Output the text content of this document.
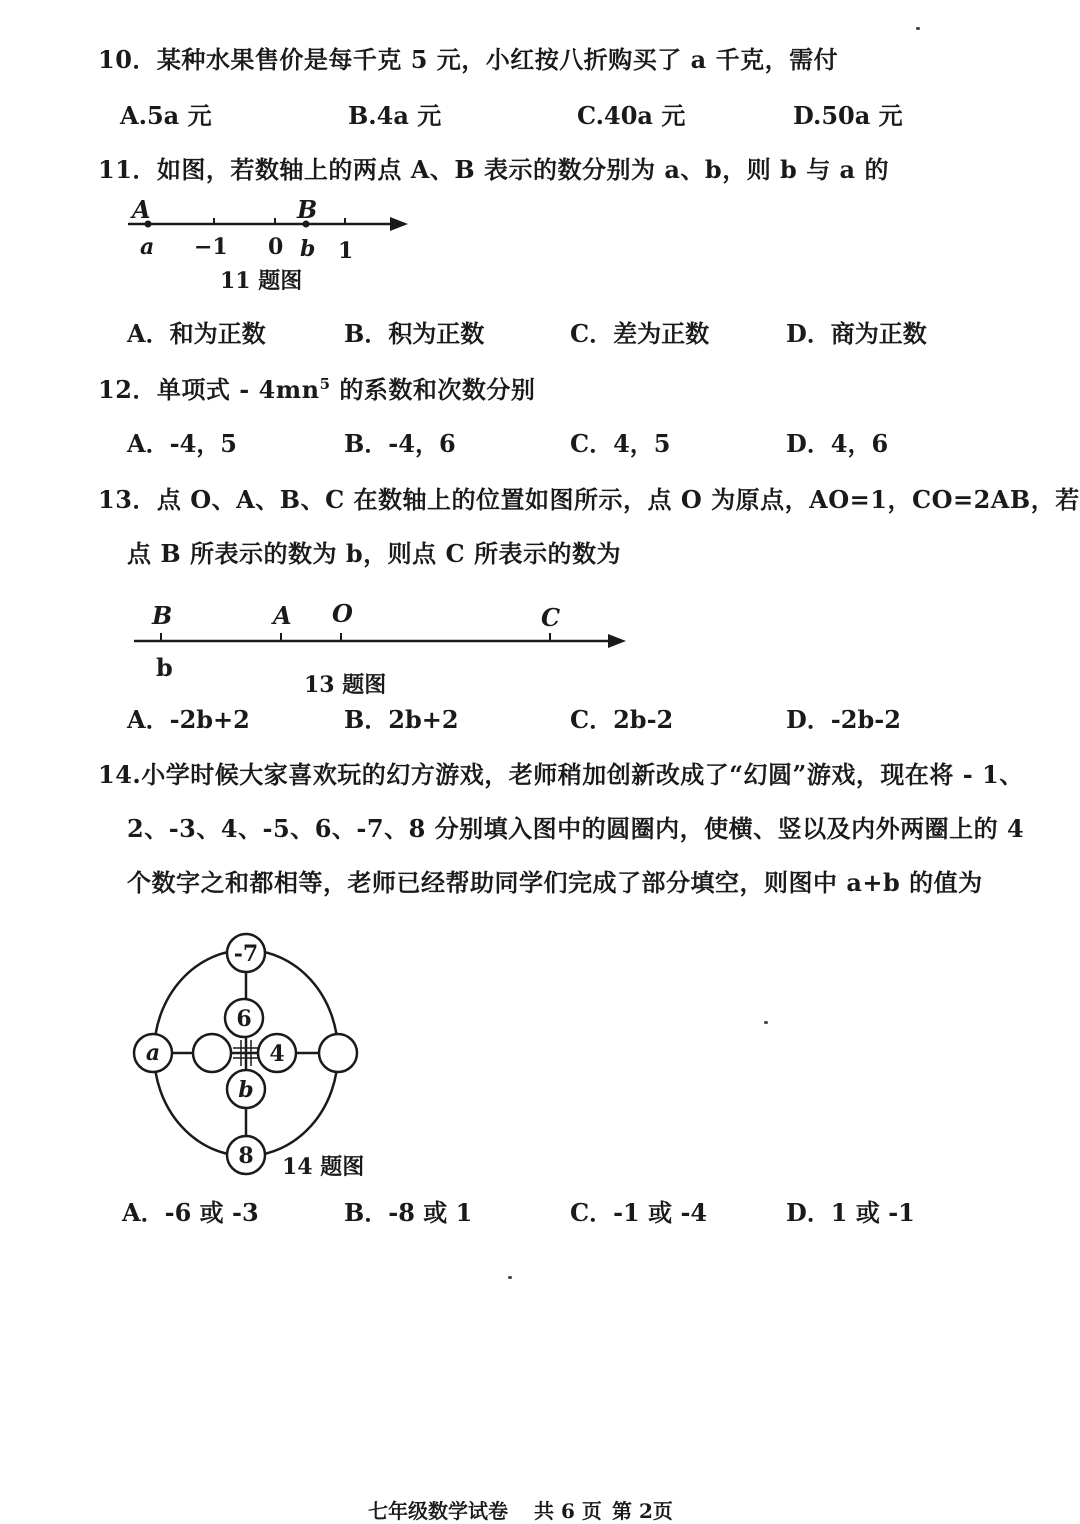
10．某种水果售价是每千克 5 元，小红按八折购买了 a 千克，需付
A.5a 元	B.4a 元	C.40a 元	D.50a 元
11．如图，若数轴上的两点 A、B 表示的数分别为 a、b，则 b 与 a 的
A	B
a −1 0 b 1
11 题图
A．和为正数	B．积为正数	C．差为正数	D．商为正数
12．单项式 - $4mn^5$ 的系数和次数分别
A．-4，5	B．-4，6	C．4，5	D．4，6
13．点 O、A、B、C 在数轴上的位置如图所示，点 O 为原点，AO=1，CO=2AB，若
点 B 所表示的数为 b，则点 C 所表示的数为
B	A O	C
b
13 题图
A．-2b+2	B．2b+2	C．2b-2	D．-2b-2
14.小学时候大家喜欢玩的幻方游戏，老师稍加创新改成了“幻圆”游戏，现在将 - 1、
2、-3、4、-5、6、-7、8 分别填入图中的圆圈内，使横、竖以及内外两圈上的 4
个数字之和都相等，老师已经帮助同学们完成了部分填空，则图中 a+b 的值为
-7
6
a	4
b
8 14 题图
A．-6 或 -3	B．-8 或 1	C．-1 或 -4	D．1 或 -1
七年级数学试卷 共 6 页 第 2页
